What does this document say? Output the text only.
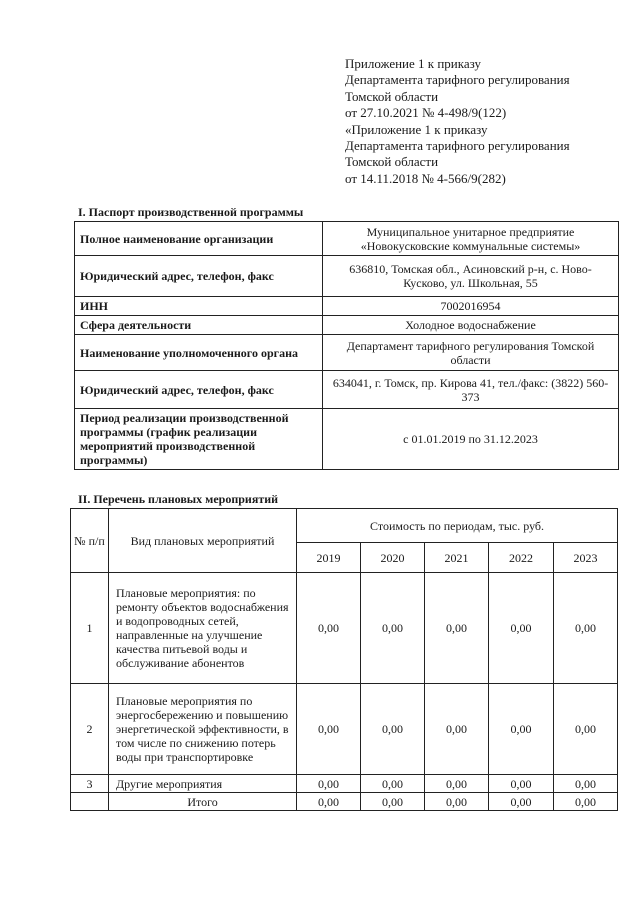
Приложение 1 к приказу
Департамента тарифного регулирования
Томской области
от 27.10.2021 № 4-498/9(122)
«Приложение 1 к приказу
Департамента тарифного регулирования
Томской области
от 14.11.2018 № 4-566/9(282)
I. Паспорт производственной программы
Полное наименование организации	Муниципальное унитарное предприятие «Новокусковские коммунальные системы»
Юридический адрес, телефон, факс	636810, Томская обл., Асиновский р-н, с. Ново-Кусково, ул. Школьная, 55
ИНН	7002016954
Сфера деятельности	Холодное водоснабжение
Наименование уполномоченного органа	Департамент тарифного регулирования Томской области
Юридический адрес, телефон, факс	634041, г. Томск, пр. Кирова 41, тел./факс: (3822) 560-373
Период реализации производственной программы (график реализации мероприятий производственной программы)	с 01.01.2019 по 31.12.2023
II. Перечень плановых мероприятий
№ п/п	Вид плановых мероприятий	Стоимость по периодам, тыс. руб.				
		2019	2020	2021	2022	2023
1	Плановые мероприятия: по ремонту объектов водоснабжения и водопроводных сетей, направленные на улучшение качества питьевой воды и обслуживание абонентов	0,00	0,00	0,00	0,00	0,00
2	Плановые мероприятия по энергосбережению и повышению энергетической эффективности, в том числе по снижению потерь воды при транспортировке	0,00	0,00	0,00	0,00	0,00
3	Другие мероприятия	0,00	0,00	0,00	0,00	0,00
	Итого	0,00	0,00	0,00	0,00	0,00
